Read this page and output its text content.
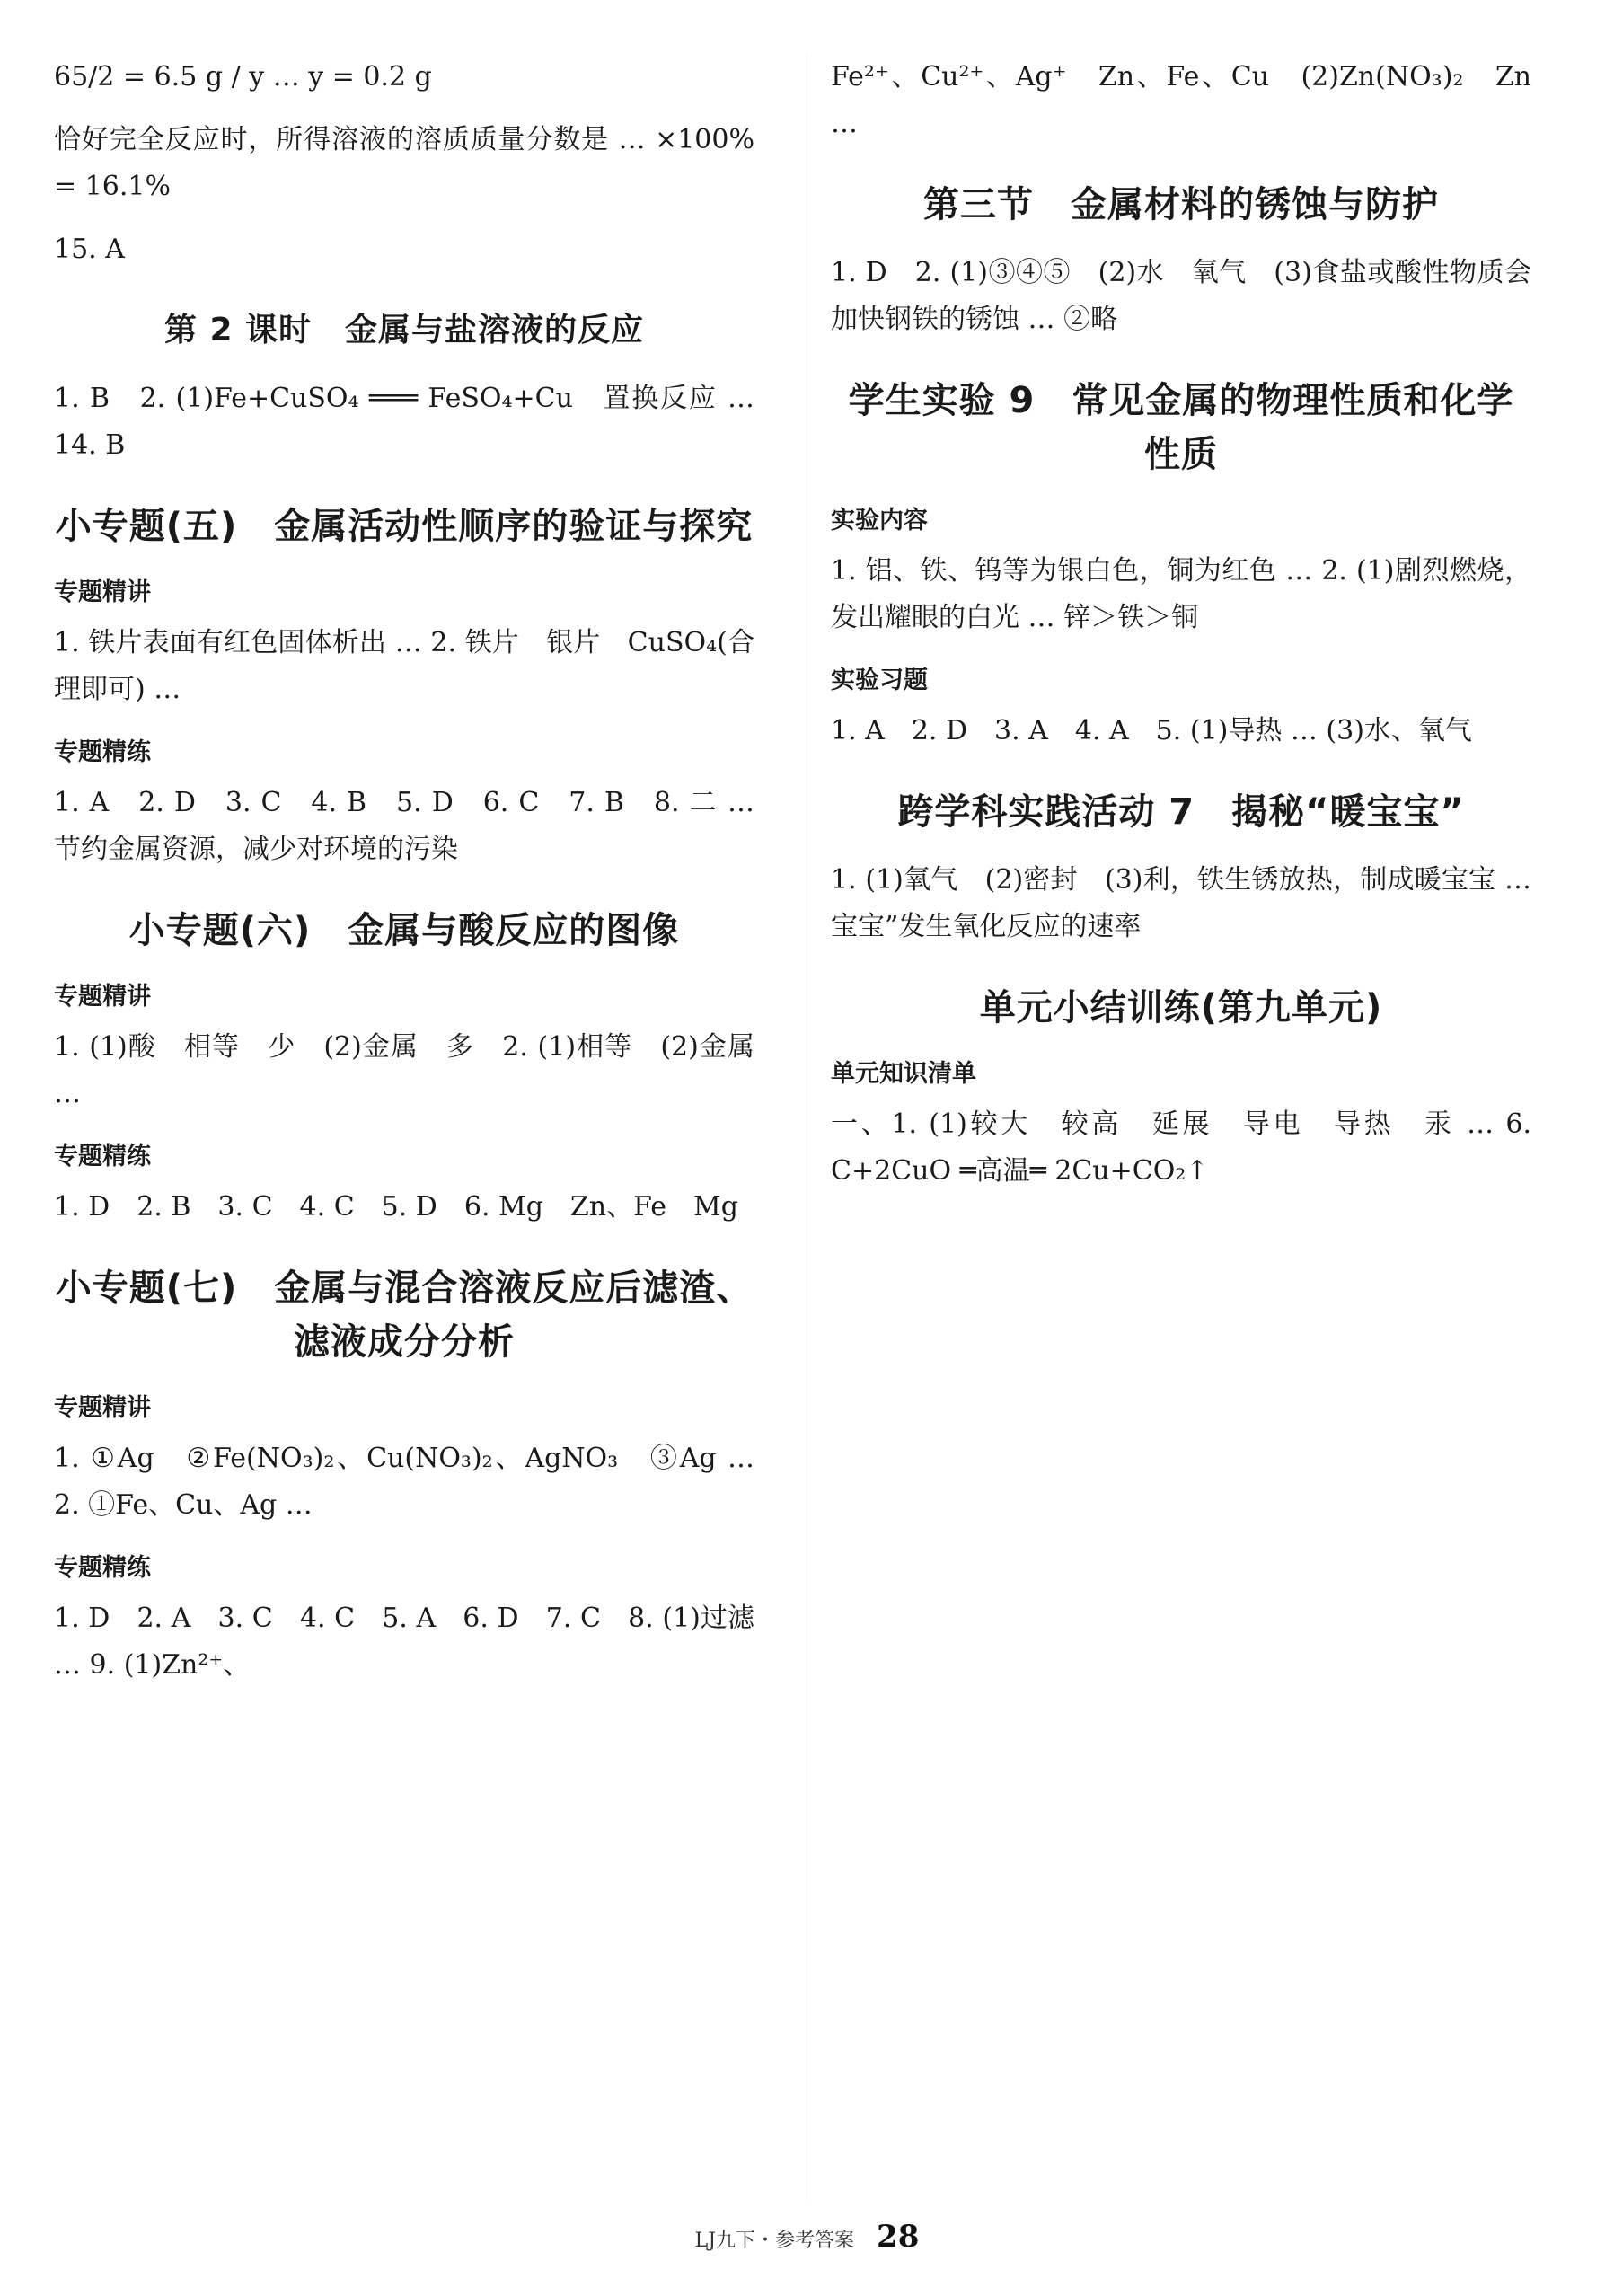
65/2 = 6.5 g / y … y = 0.2 g

恰好完全反应时，所得溶液的溶质质量分数是 … ×100% = 16.1%

15. A

第 2 课时　金属与盐溶液的反应

1. B　2. (1)Fe+CuSO₄ ═══ FeSO₄+Cu　置换反应 … 14. B

小专题(五)　金属活动性顺序的验证与探究
专题精讲

1. 铁片表面有红色固体析出 … 2. 铁片　银片　CuSO₄(合理即可) …

专题精练

1. A　2. D　3. C　4. B　5. D　6. C　7. B　8. 二 … 节约金属资源，减少对环境的污染

小专题(六)　金属与酸反应的图像
专题精讲

1. (1)酸　相等　少　(2)金属　多　2. (1)相等　(2)金属 …

专题精练

1. D　2. B　3. C　4. C　5. D　6. Mg　Zn、Fe　Mg

小专题(七)　金属与混合溶液反应后滤渣、滤液成分分析
专题精讲

1. ①Ag　②Fe(NO₃)₂、Cu(NO₃)₂、AgNO₃　③Ag … 2. ①Fe、Cu、Ag …

专题精练

1. D　2. A　3. C　4. C　5. A　6. D　7. C　8. (1)过滤 … 9. (1)Zn²⁺、

Fe²⁺、Cu²⁺、Ag⁺　Zn、Fe、Cu　(2)Zn(NO₃)₂　Zn …

第三节　金属材料的锈蚀与防护

1. D　2. (1)③④⑤　(2)水　氧气　(3)食盐或酸性物质会加快钢铁的锈蚀 … ②略

学生实验 9　常见金属的物理性质和化学性质
实验内容

1. 铝、铁、钨等为银白色，铜为红色 … 2. (1)剧烈燃烧，发出耀眼的白光 … 锌＞铁＞铜

实验习题

1. A　2. D　3. A　4. A　5. (1)导热 … (3)水、氧气

跨学科实践活动 7　揭秘“暖宝宝”

1. (1)氧气　(2)密封　(3)利，铁生锈放热，制成暖宝宝 … 宝宝”发生氧化反应的速率

单元小结训练(第九单元)
单元知识清单

一、1. (1)较大　较高　延展　导电　导热　汞 … 6. C+2CuO ═高温═ 2Cu+CO₂↑

LJ九下・参考答案 28
